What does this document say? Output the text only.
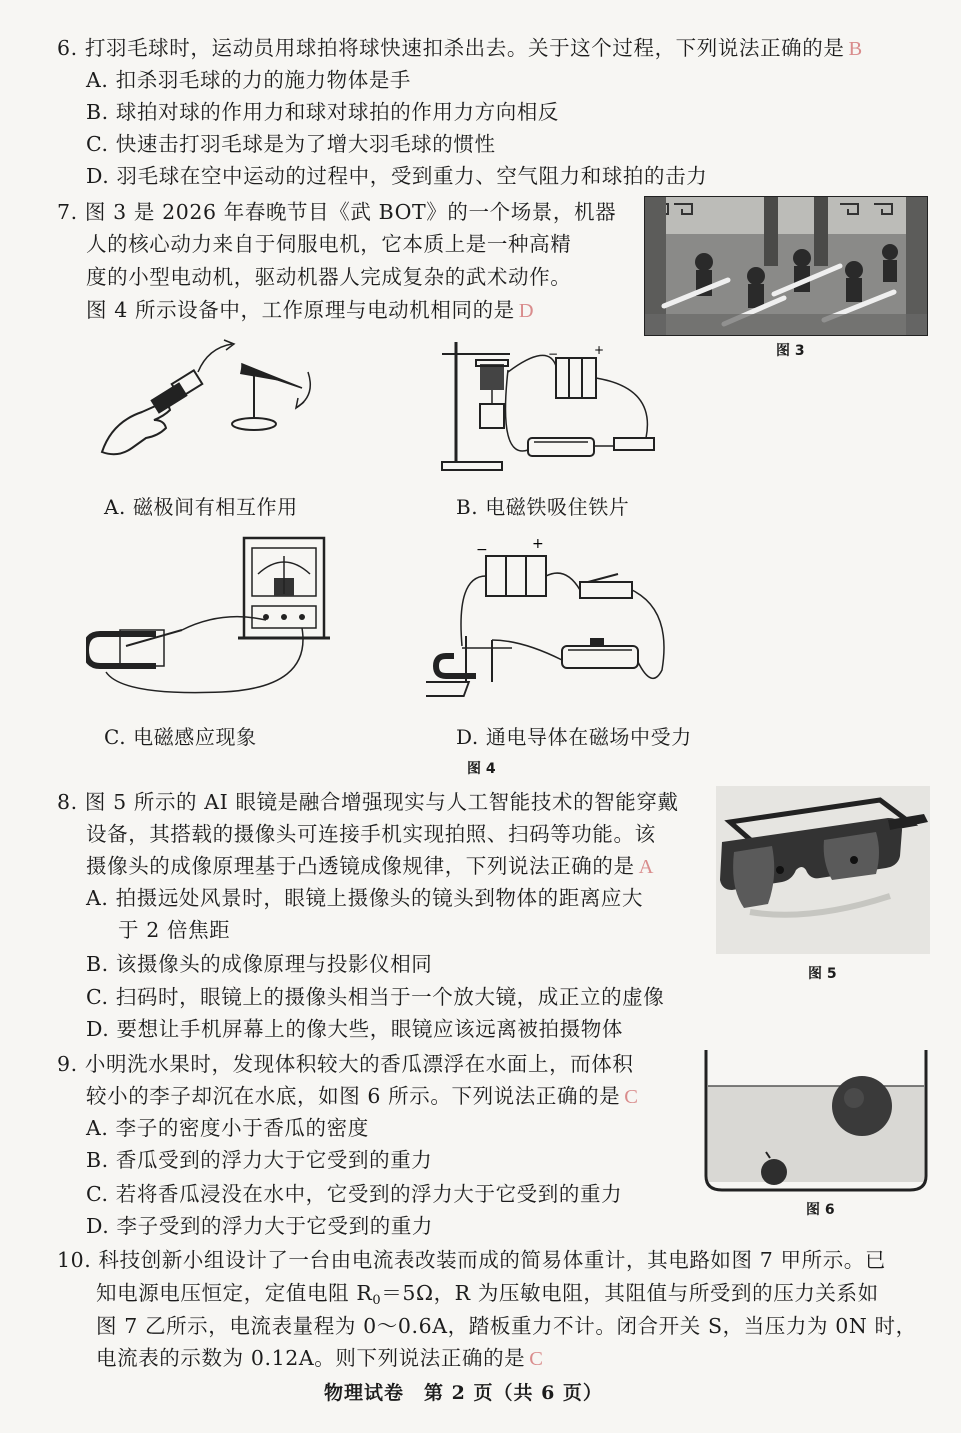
6. 打羽毛球时，运动员用球拍将球快速扣杀出去。关于这个过程，下列说法正确的是 B
A. 扣杀羽毛球的力的施力物体是手
B. 球拍对球的作用力和球对球拍的作用力方向相反
C. 快速击打羽毛球是为了增大羽毛球的惯性
D. 羽毛球在空中运动的过程中，受到重力、空气阻力和球拍的击力
7. 图 3 是 2026 年春晚节目《武 BOT》的一个场景，机器
人的核心动力来自于伺服电机，它本质上是一种高精
度的小型电动机，驱动机器人完成复杂的武术动作。
图 4 所示设备中，工作原理与电动机相同的是 D
图 3
−	+
A. 磁极间有相互作用	B. 电磁铁吸住铁片
−	+
C. 电磁感应现象	D. 通电导体在磁场中受力
图 4
8. 图 5 所示的 AI 眼镜是融合增强现实与人工智能技术的智能穿戴
设备，其搭载的摄像头可连接手机实现拍照、扫码等功能。该
摄像头的成像原理基于凸透镜成像规律，下列说法正确的是 A
A. 拍摄远处风景时，眼镜上摄像头的镜头到物体的距离应大
于 2 倍焦距
B. 该摄像头的成像原理与投影仪相同
C. 扫码时，眼镜上的摄像头相当于一个放大镜，成正立的虚像
D. 要想让手机屏幕上的像大些，眼镜应该远离被拍摄物体
图 5
9. 小明洗水果时，发现体积较大的香瓜漂浮在水面上，而体积
较小的李子却沉在水底，如图 6 所示。下列说法正确的是 C
A. 李子的密度小于香瓜的密度
B. 香瓜受到的浮力大于它受到的重力
C. 若将香瓜浸没在水中，它受到的浮力大于它受到的重力
D. 李子受到的浮力大于它受到的重力
图 6
10. 科技创新小组设计了一台由电流表改装而成的简易体重计，其电路如图 7 甲所示。已
知电源电压恒定，定值电阻 $R_0=5\Omega$，R 为压敏电阻，其阻值与所受到的压力关系如
图 7 乙所示，电流表量程为 0～0.6A，踏板重力不计。闭合开关 S，当压力为 0N 时，
电流表的示数为 0.12A。则下列说法正确的是 C
物理试卷　第 2 页（共 6 页）
